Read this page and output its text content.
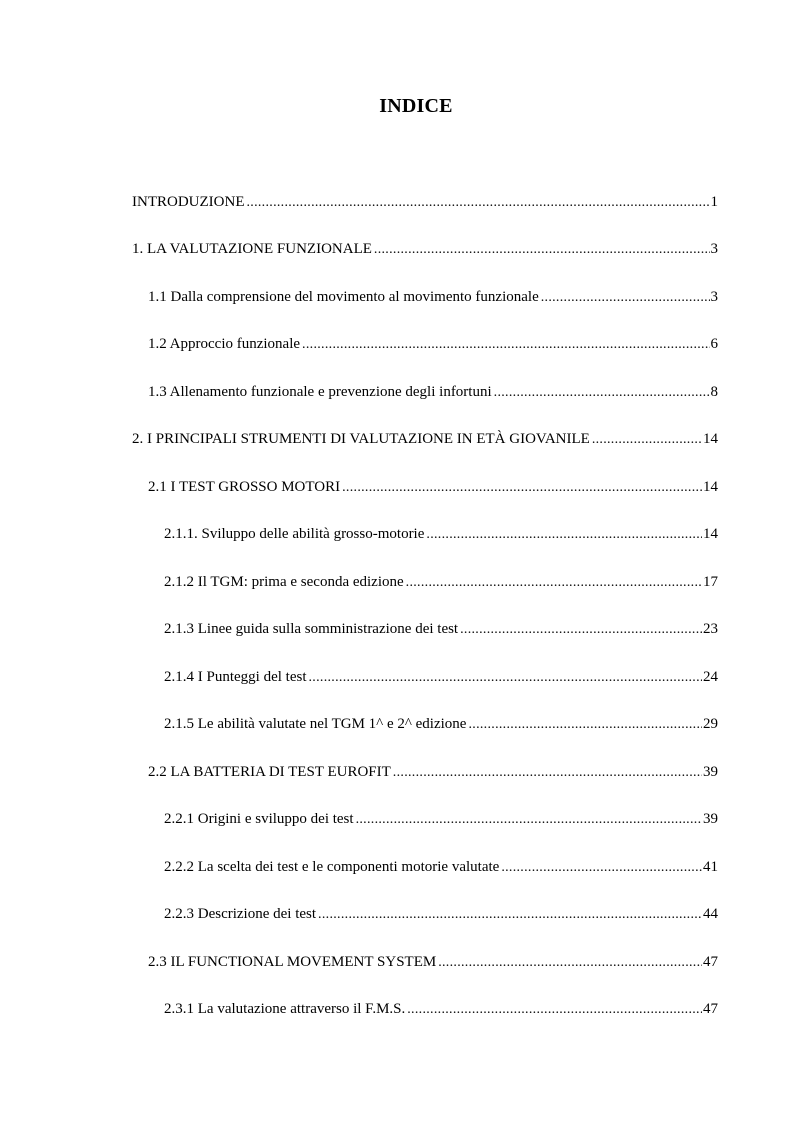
INDICE
INTRODUZIONE .....	1
1. LA VALUTAZIONE FUNZIONALE .....	3
1.1 Dalla comprensione del movimento al movimento funzionale .....	3
1.2 Approccio funzionale .....	6
1.3 Allenamento funzionale e prevenzione degli infortuni .....	8
2. I PRINCIPALI STRUMENTI DI VALUTAZIONE IN ETÀ GIOVANILE .....	14
2.1 I TEST GROSSO MOTORI .....	14
2.1.1. Sviluppo delle abilità grosso-motorie .....	14
2.1.2 Il TGM: prima e seconda edizione .....	17
2.1.3 Linee guida sulla somministrazione dei test .....	23
2.1.4 I Punteggi del test .....	24
2.1.5 Le abilità valutate nel TGM 1^ e 2^ edizione .....	29
2.2 LA BATTERIA DI TEST EUROFIT .....	39
2.2.1 Origini e sviluppo dei test .....	39
2.2.2 La scelta dei test e le componenti motorie valutate .....	41
2.2.3 Descrizione dei test .....	44
2.3 IL FUNCTIONAL MOVEMENT SYSTEM .....	47
2.3.1 La valutazione attraverso il F.M.S. .....	47
